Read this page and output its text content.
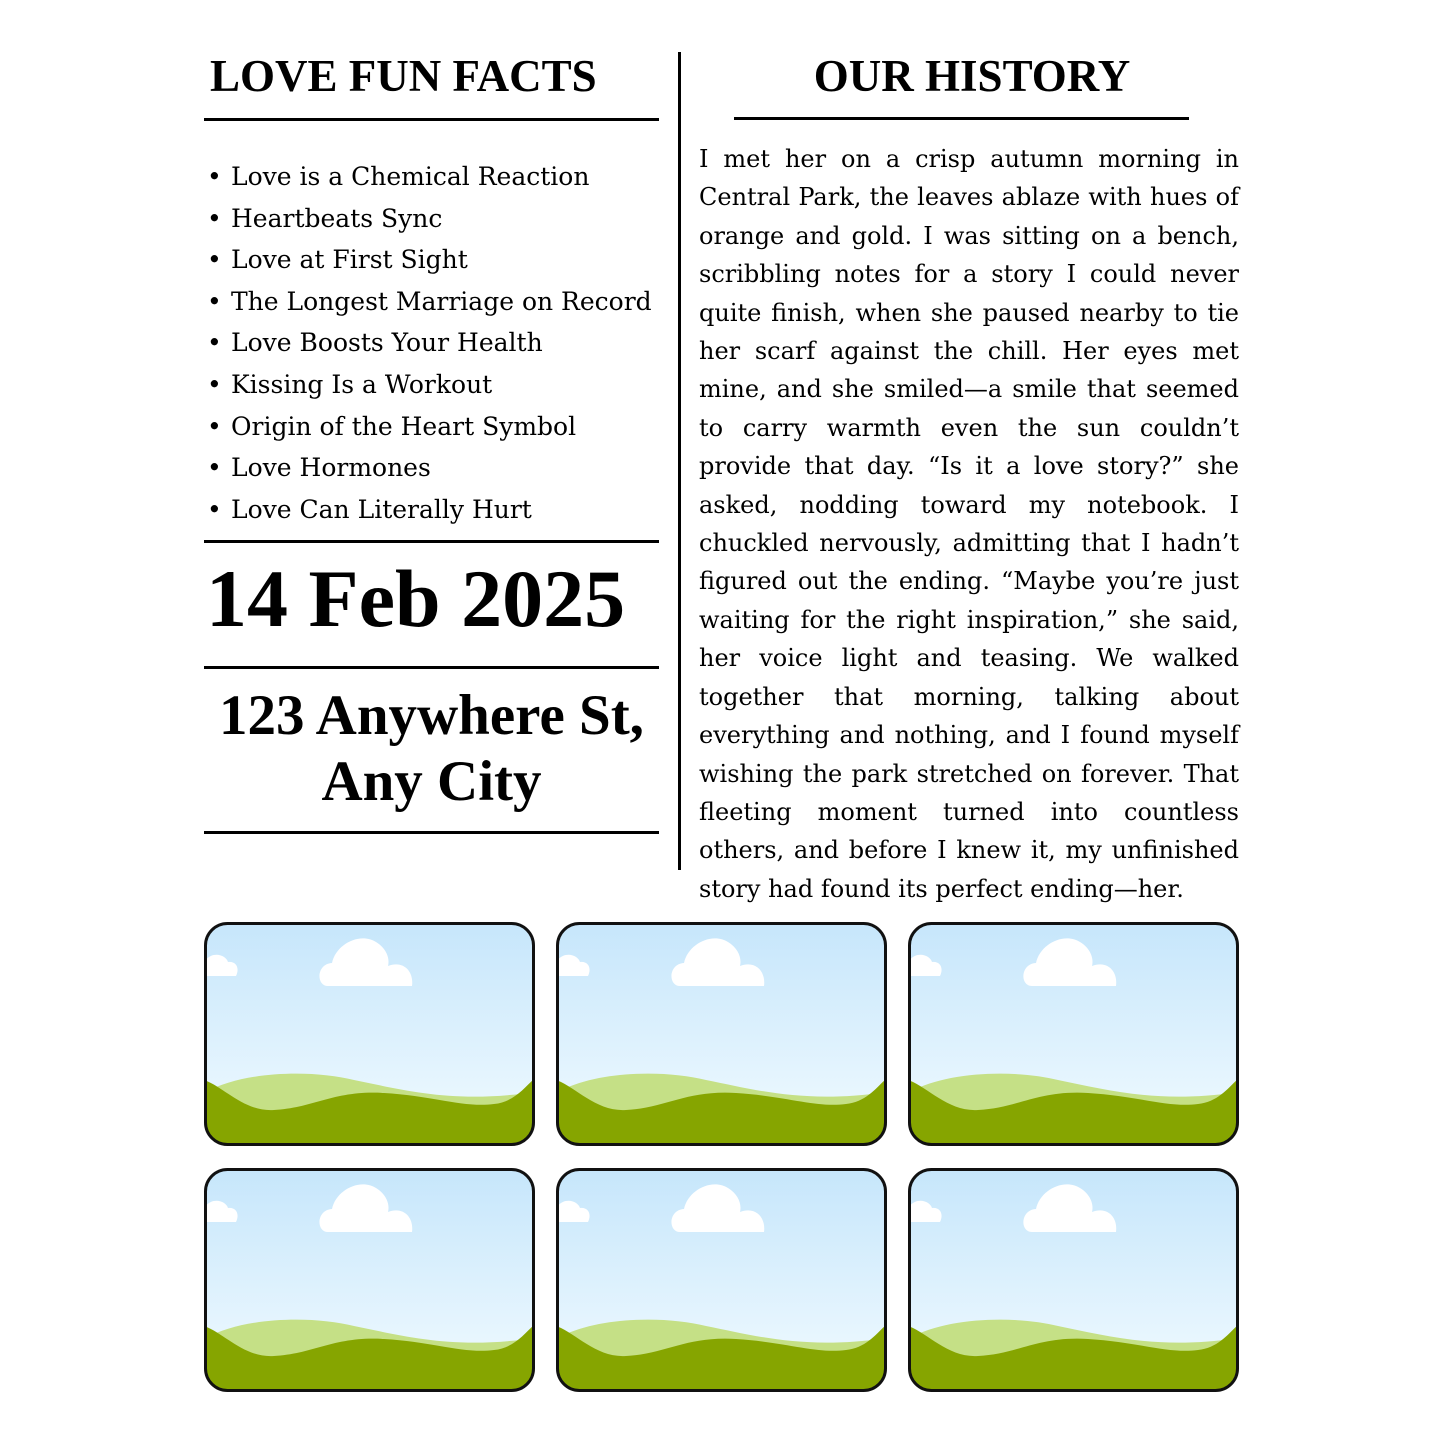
LOVE FUN FACTS
• Love is a Chemical Reaction
• Heartbeats Sync
• Love at First Sight
• The Longest Marriage on Record
• Love Boosts Your Health
• Kissing Is a Workout
• Origin of the Heart Symbol
• Love Hormones
• Love Can Literally Hurt
14 Feb 2025
123 Anywhere St,
Any City
OUR HISTORY

I met her on a crisp autumn morning in Central Park, the leaves ablaze with hues of orange and gold. I was sitting on a bench, scribbling notes for a story I could never quite finish, when she paused nearby to tie her scarf against the chill. Her eyes met mine, and she smiled—a smile that seemed to carry warmth even the sun couldn’t provide that day. “Is it a love story?” she asked, nodding toward my notebook. I chuckled nervously, admitting that I hadn’t figured out the ending. “Maybe you’re just waiting for the right inspiration,” she said, her voice light and teasing. We walked together that morning, talking about everything and nothing, and I found myself wishing the park stretched on forever. That fleeting moment turned into countless others, and before I knew it, my unfinished story had found its perfect ending—her.
